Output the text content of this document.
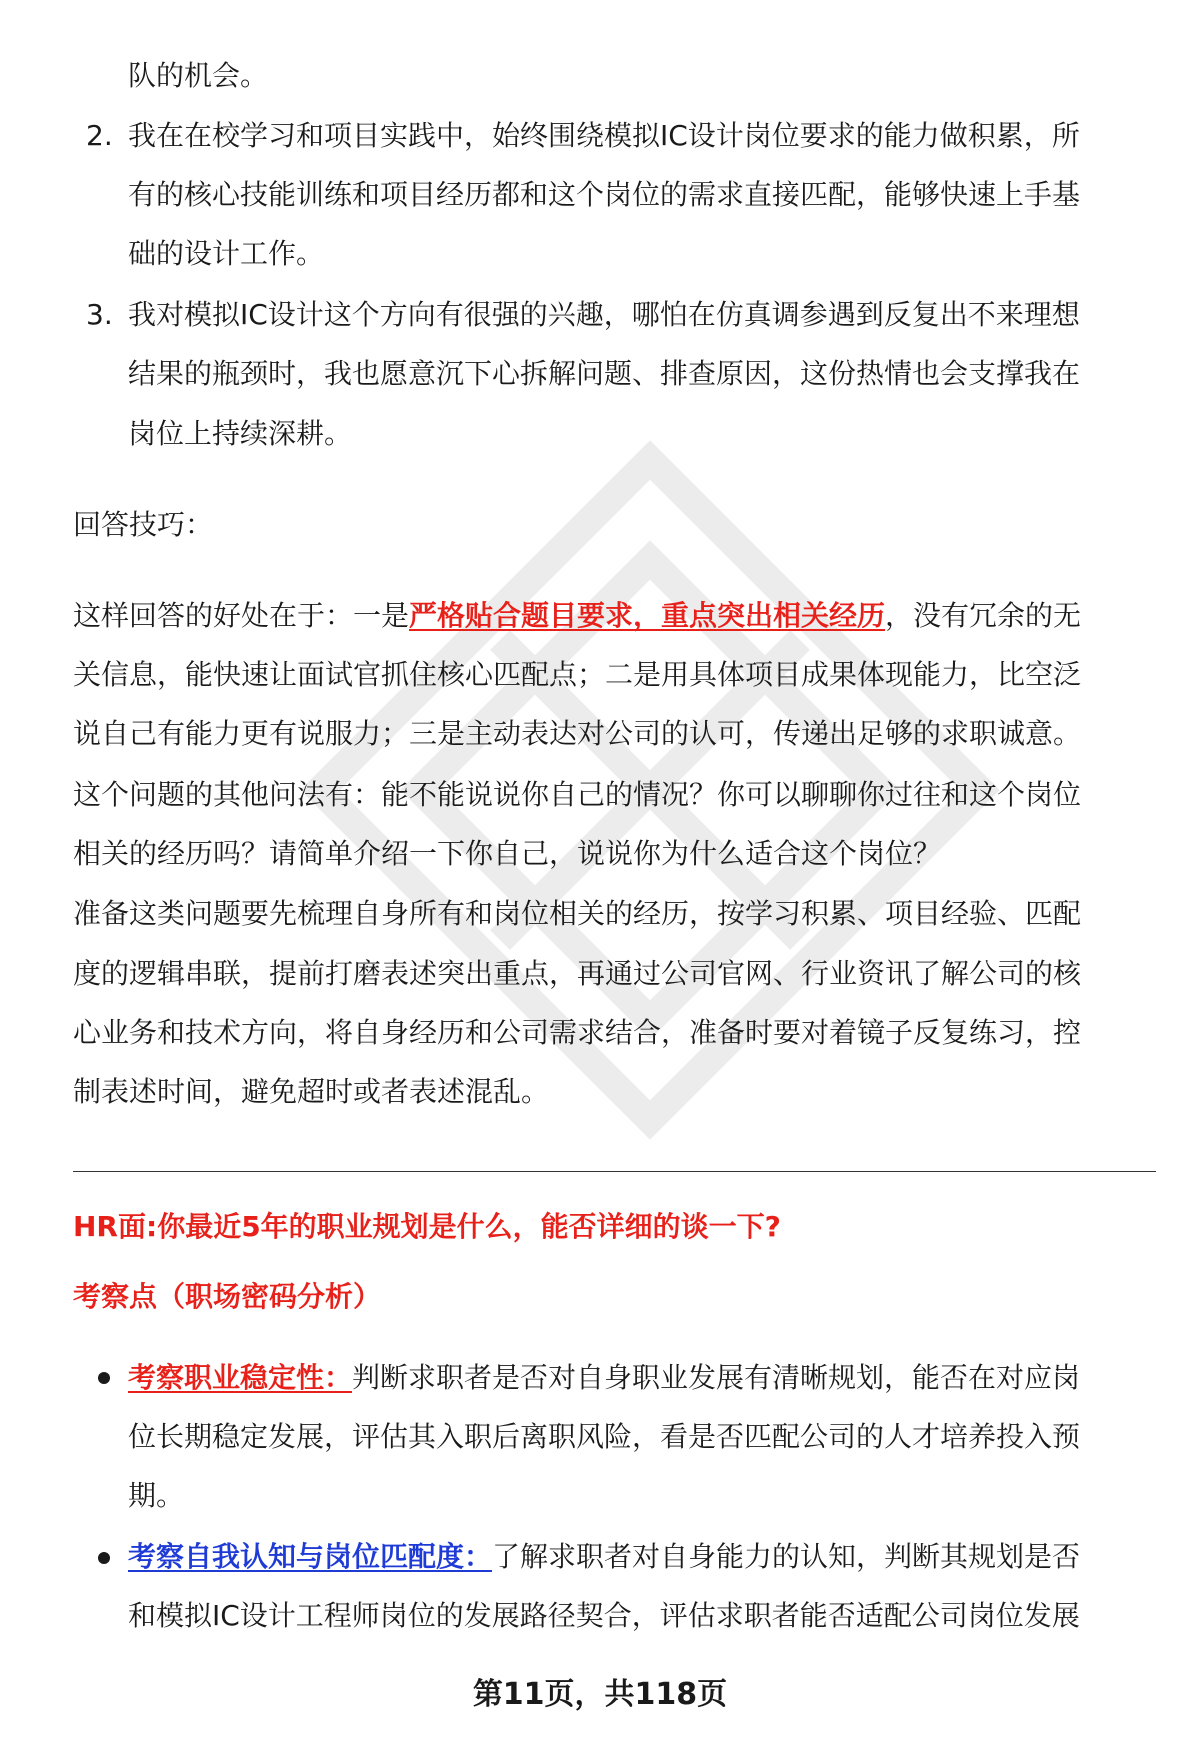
队的机会。
2. 我在在校学习和项目实践中，始终围绕模拟IC设计岗位要求的能力做积累，所
有的核心技能训练和项目经历都和这个岗位的需求直接匹配，能够快速上手基
础的设计工作。
3. 我对模拟IC设计这个方向有很强的兴趣，哪怕在仿真调参遇到反复出不来理想
结果的瓶颈时，我也愿意沉下心拆解问题、排查原因，这份热情也会支撑我在
岗位上持续深耕。
回答技巧：
这样回答的好处在于：一是严格贴合题目要求，重点突出相关经历，没有冗余的无
关信息，能快速让面试官抓住核心匹配点；二是用具体项目成果体现能力，比空泛
说自己有能力更有说服力；三是主动表达对公司的认可，传递出足够的求职诚意。
这个问题的其他问法有：能不能说说你自己的情况？你可以聊聊你过往和这个岗位
相关的经历吗？请简单介绍一下你自己，说说你为什么适合这个岗位？
准备这类问题要先梳理自身所有和岗位相关的经历，按学习积累、项目经验、匹配
度的逻辑串联，提前打磨表述突出重点，再通过公司官网、行业资讯了解公司的核
心业务和技术方向，将自身经历和公司需求结合，准备时要对着镜子反复练习，控
制表述时间，避免超时或者表述混乱。
HR面:你最近5年的职业规划是什么，能否详细的谈一下?
考察点（职场密码分析）
考察职业稳定性：判断求职者是否对自身职业发展有清晰规划，能否在对应岗
位长期稳定发展，评估其入职后离职风险，看是否匹配公司的人才培养投入预
期。
考察自我认知与岗位匹配度：了解求职者对自身能力的认知，判断其规划是否
和模拟IC设计工程师岗位的发展路径契合，评估求职者能否适配公司岗位发展
第11页，共118页
